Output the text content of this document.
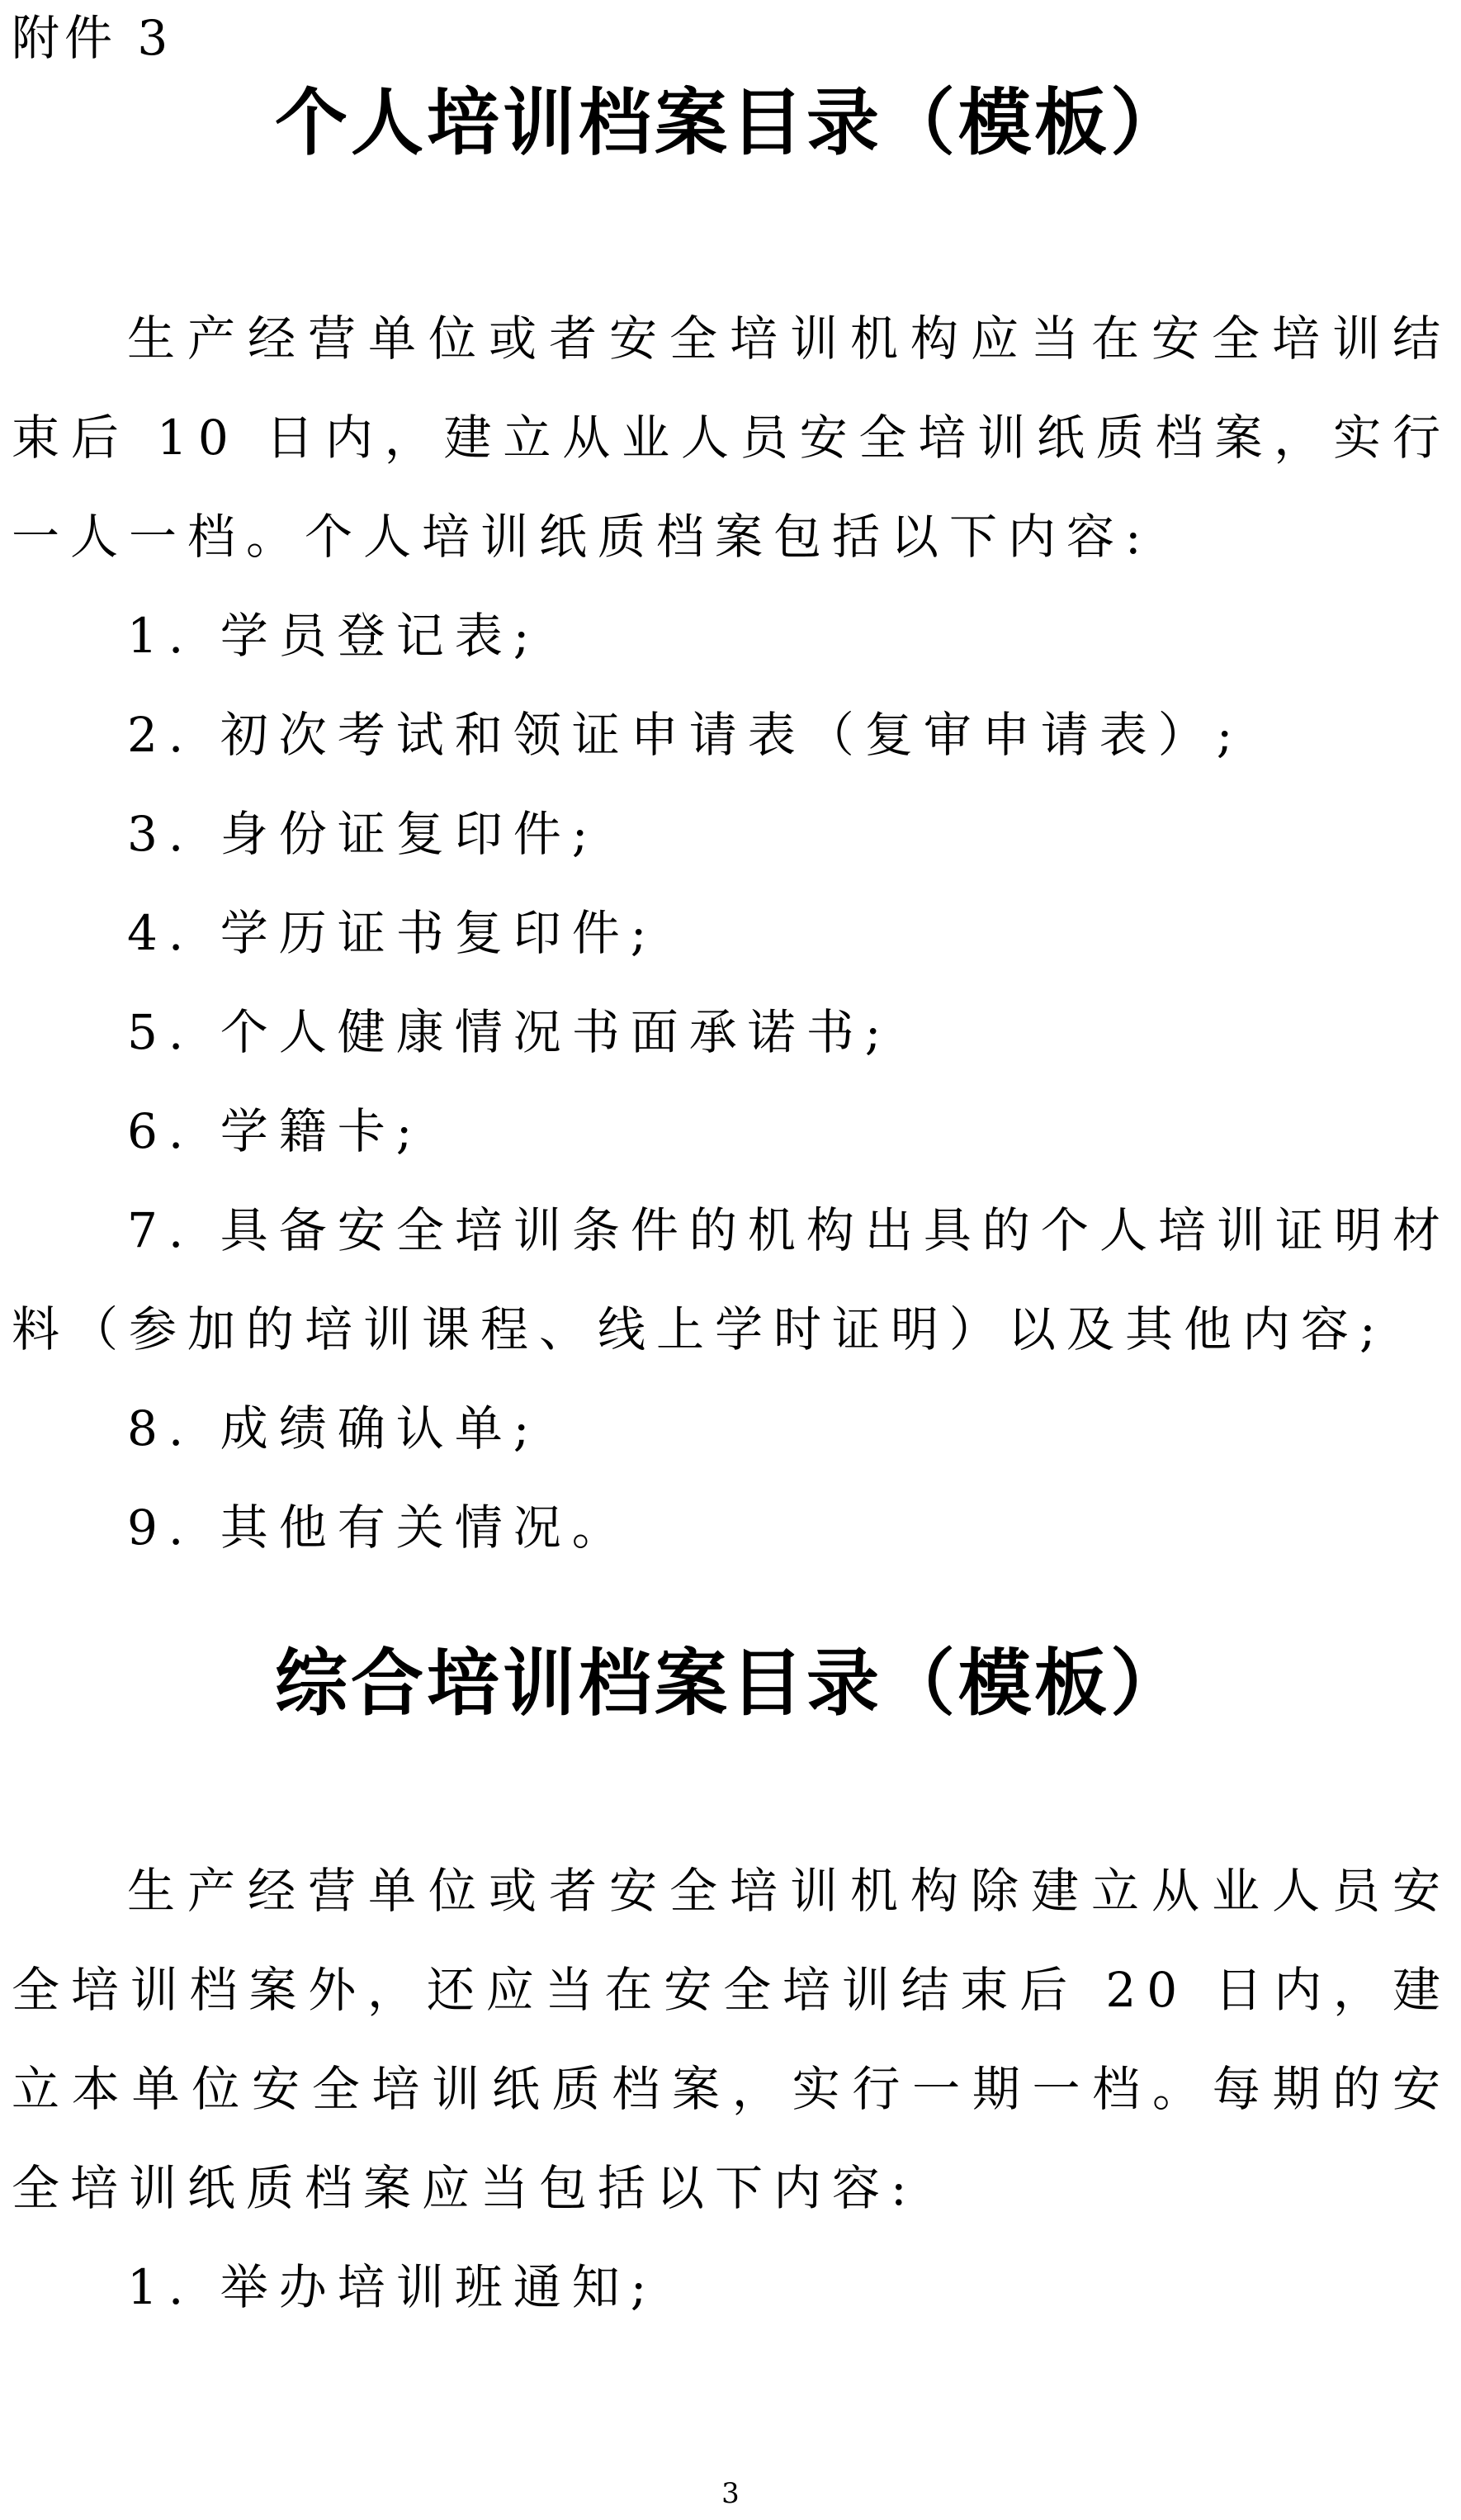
附件 3
个人培训档案目录（模板）

生产经营单位或者安全培训机构应当在安全培训结束后 10 日内，建立从业人员安全培训纸质档案，实行一人一档。个人培训纸质档案包括以下内容:

1. 学员登记表;
2. 初次考试和领证申请表（复审申请表）;
3. 身份证复印件;
4. 学历证书复印件;
5. 个人健康情况书面承诺书;
6. 学籍卡;
7. 具备安全培训条件的机构出具的个人培训证明材料（参加的培训课程、线上学时证明）以及其他内容;
8. 成绩确认单;
9. 其他有关情况。
综合培训档案目录（模板）

生产经营单位或者安全培训机构除建立从业人员安全培训档案外，还应当在安全培训结束后 20 日内，建立本单位安全培训纸质档案，实行一期一档。每期的安全培训纸质档案应当包括以下内容:

1. 举办培训班通知;
3
